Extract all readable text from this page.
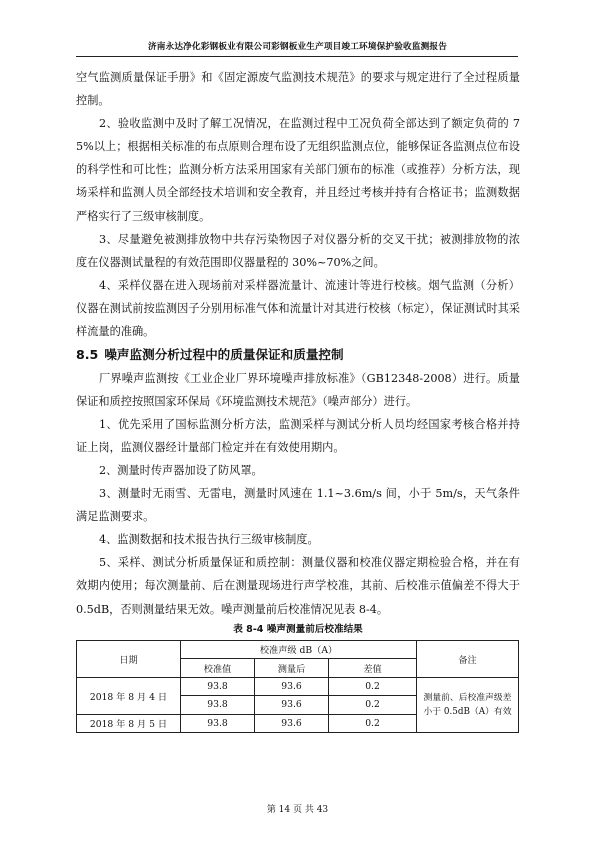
济南永达净化彩钢板业有限公司彩钢板业生产项目竣工环境保护验收监测报告

空气监测质量保证手册》和《固定源废气监测技术规范》的要求与规定进行了全过程质量控制。

2、验收监测中及时了解工况情况，在监测过程中工况负荷全部达到了额定负荷的 75%以上；根据相关标准的布点原则合理布设了无组织监测点位，能够保证各监测点位布设的科学性和可比性；监测分析方法采用国家有关部门颁布的标准（或推荐）分析方法，现场采样和监测人员全部经技术培训和安全教育，并且经过考核并持有合格证书；监测数据严格实行了三级审核制度。

3、尽量避免被测排放物中共存污染物因子对仪器分析的交叉干扰；被测排放物的浓度在仪器测试量程的有效范围即仪器量程的 30%~70%之间。

4、采样仪器在进入现场前对采样器流量计、流速计等进行校核。烟气监测（分析）仪器在测试前按监测因子分别用标准气体和流量计对其进行校核（标定），保证测试时其采样流量的准确。

8.5 噪声监测分析过程中的质量保证和质量控制

厂界噪声监测按《工业企业厂界环境噪声排放标准》（GB12348-2008）进行。质量保证和质控按照国家环保局《环境监测技术规范》（噪声部分）进行。

1、优先采用了国标监测分析方法，监测采样与测试分析人员均经国家考核合格并持证上岗，监测仪器经计量部门检定并在有效使用期内。

2、测量时传声器加设了防风罩。

3、测量时无雨雪、无雷电，测量时风速在 1.1~3.6m/s 间，小于 5m/s，天气条件满足监测要求。

4、监测数据和技术报告执行三级审核制度。

5、采样、测试分析质量保证和质控制：测量仪器和校准仪器定期检验合格，并在有效期内使用；每次测量前、后在测量现场进行声学校准，其前、后校准示值偏差不得大于 0.5dB，否则测量结果无效。噪声测量前后校准情况见表 8-4。

表 8-4 噪声测量前后校准结果
日期	校准声级 dB（A）			备注
	校准值	测量后	差值	
2018 年 8 月 4 日	93.8	93.6	0.2	测量前、后校准声级差小于 0.5dB（A）有效
	93.8	93.6	0.2	
2018 年 8 月 5 日	93.8	93.6	0.2	
第 14 页 共 43
